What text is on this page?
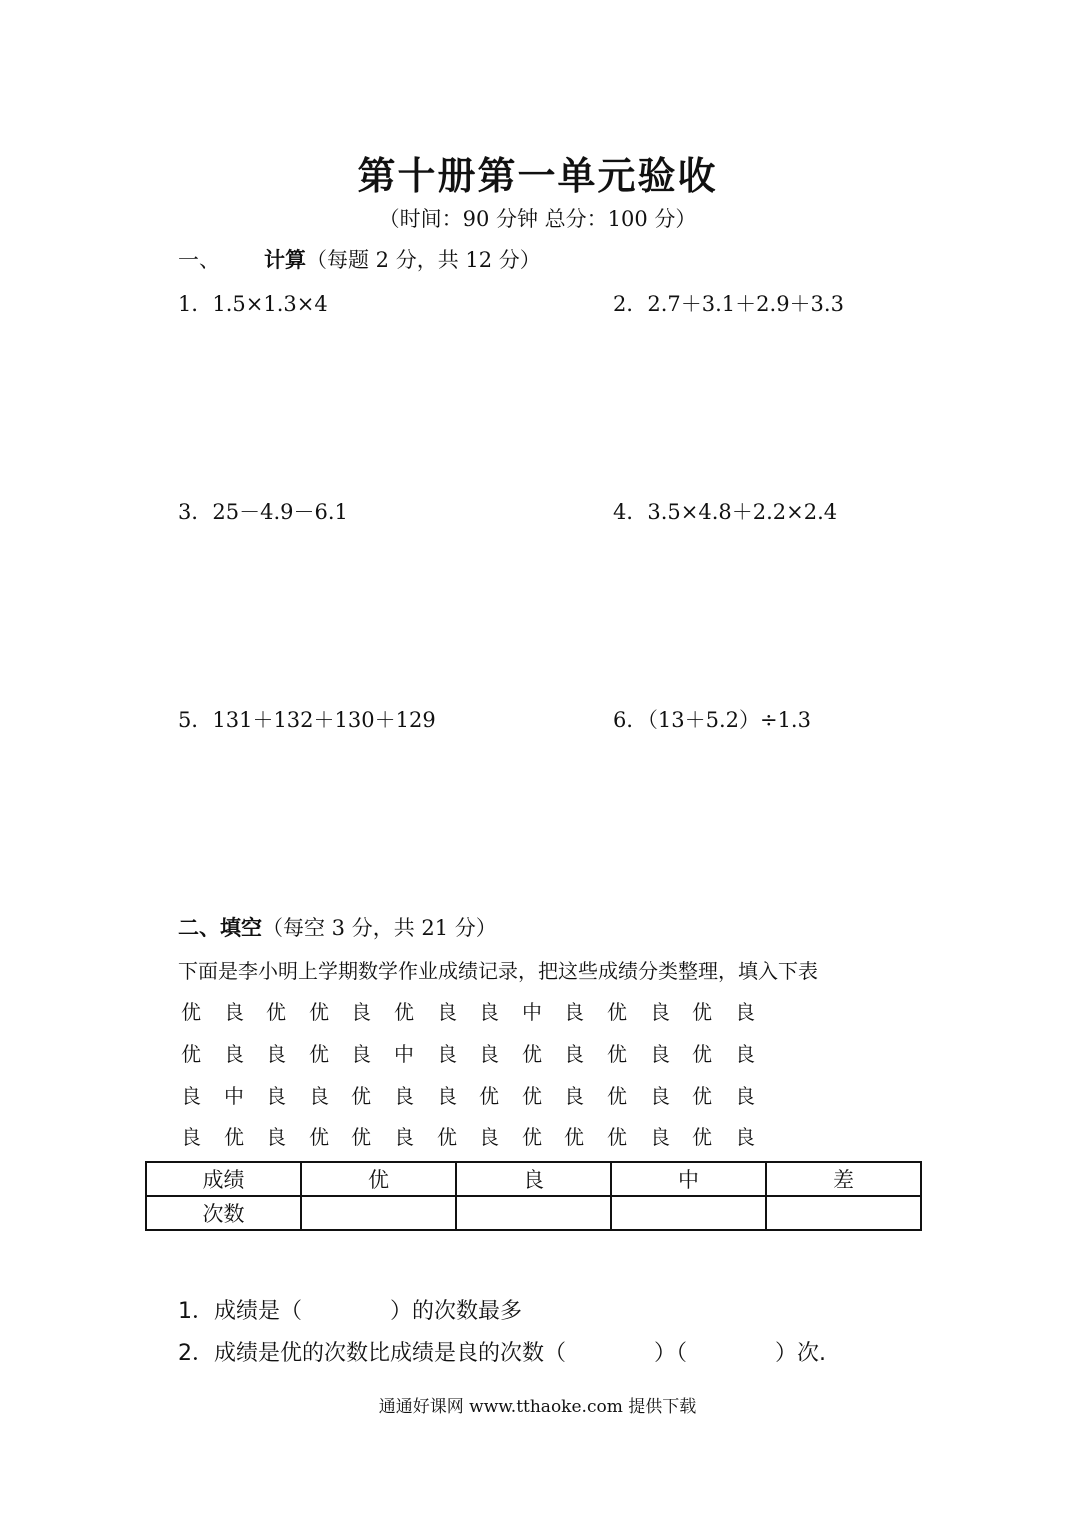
第十册第一单元验收
（时间：90 分钟 总分：100 分）
一、 计算（每题 2 分，共 12 分）
1．1.5×1.3×4	2．2.7＋3.1＋2.9＋3.3
3．25－4.9－6.1	4．3.5×4.8＋2.2×2.4
5．131＋132＋130＋129	6．（13＋5.2）÷1.3
二、填空（每空 3 分，共 21 分）
下面是李小明上学期数学作业成绩记录，把这些成绩分类整理，填入下表
优 良 优 优 良 优 良 良 中 良 优 良 优 良
优 良 良 优 良 中 良 良 优 良 优 良 优 良
良 中 良 良 优 良 良 优 优 良 优 良 优 良
良 优 良 优 优 良 优 良 优 优 优 良 优 良
成绩	优	良	中	差
次数				
1．成绩是（　　　　）的次数最多
2．成绩是优的次数比成绩是良的次数（　　　　）（　　　　）次.
通通好课网 www.tthaoke.com 提供下载
